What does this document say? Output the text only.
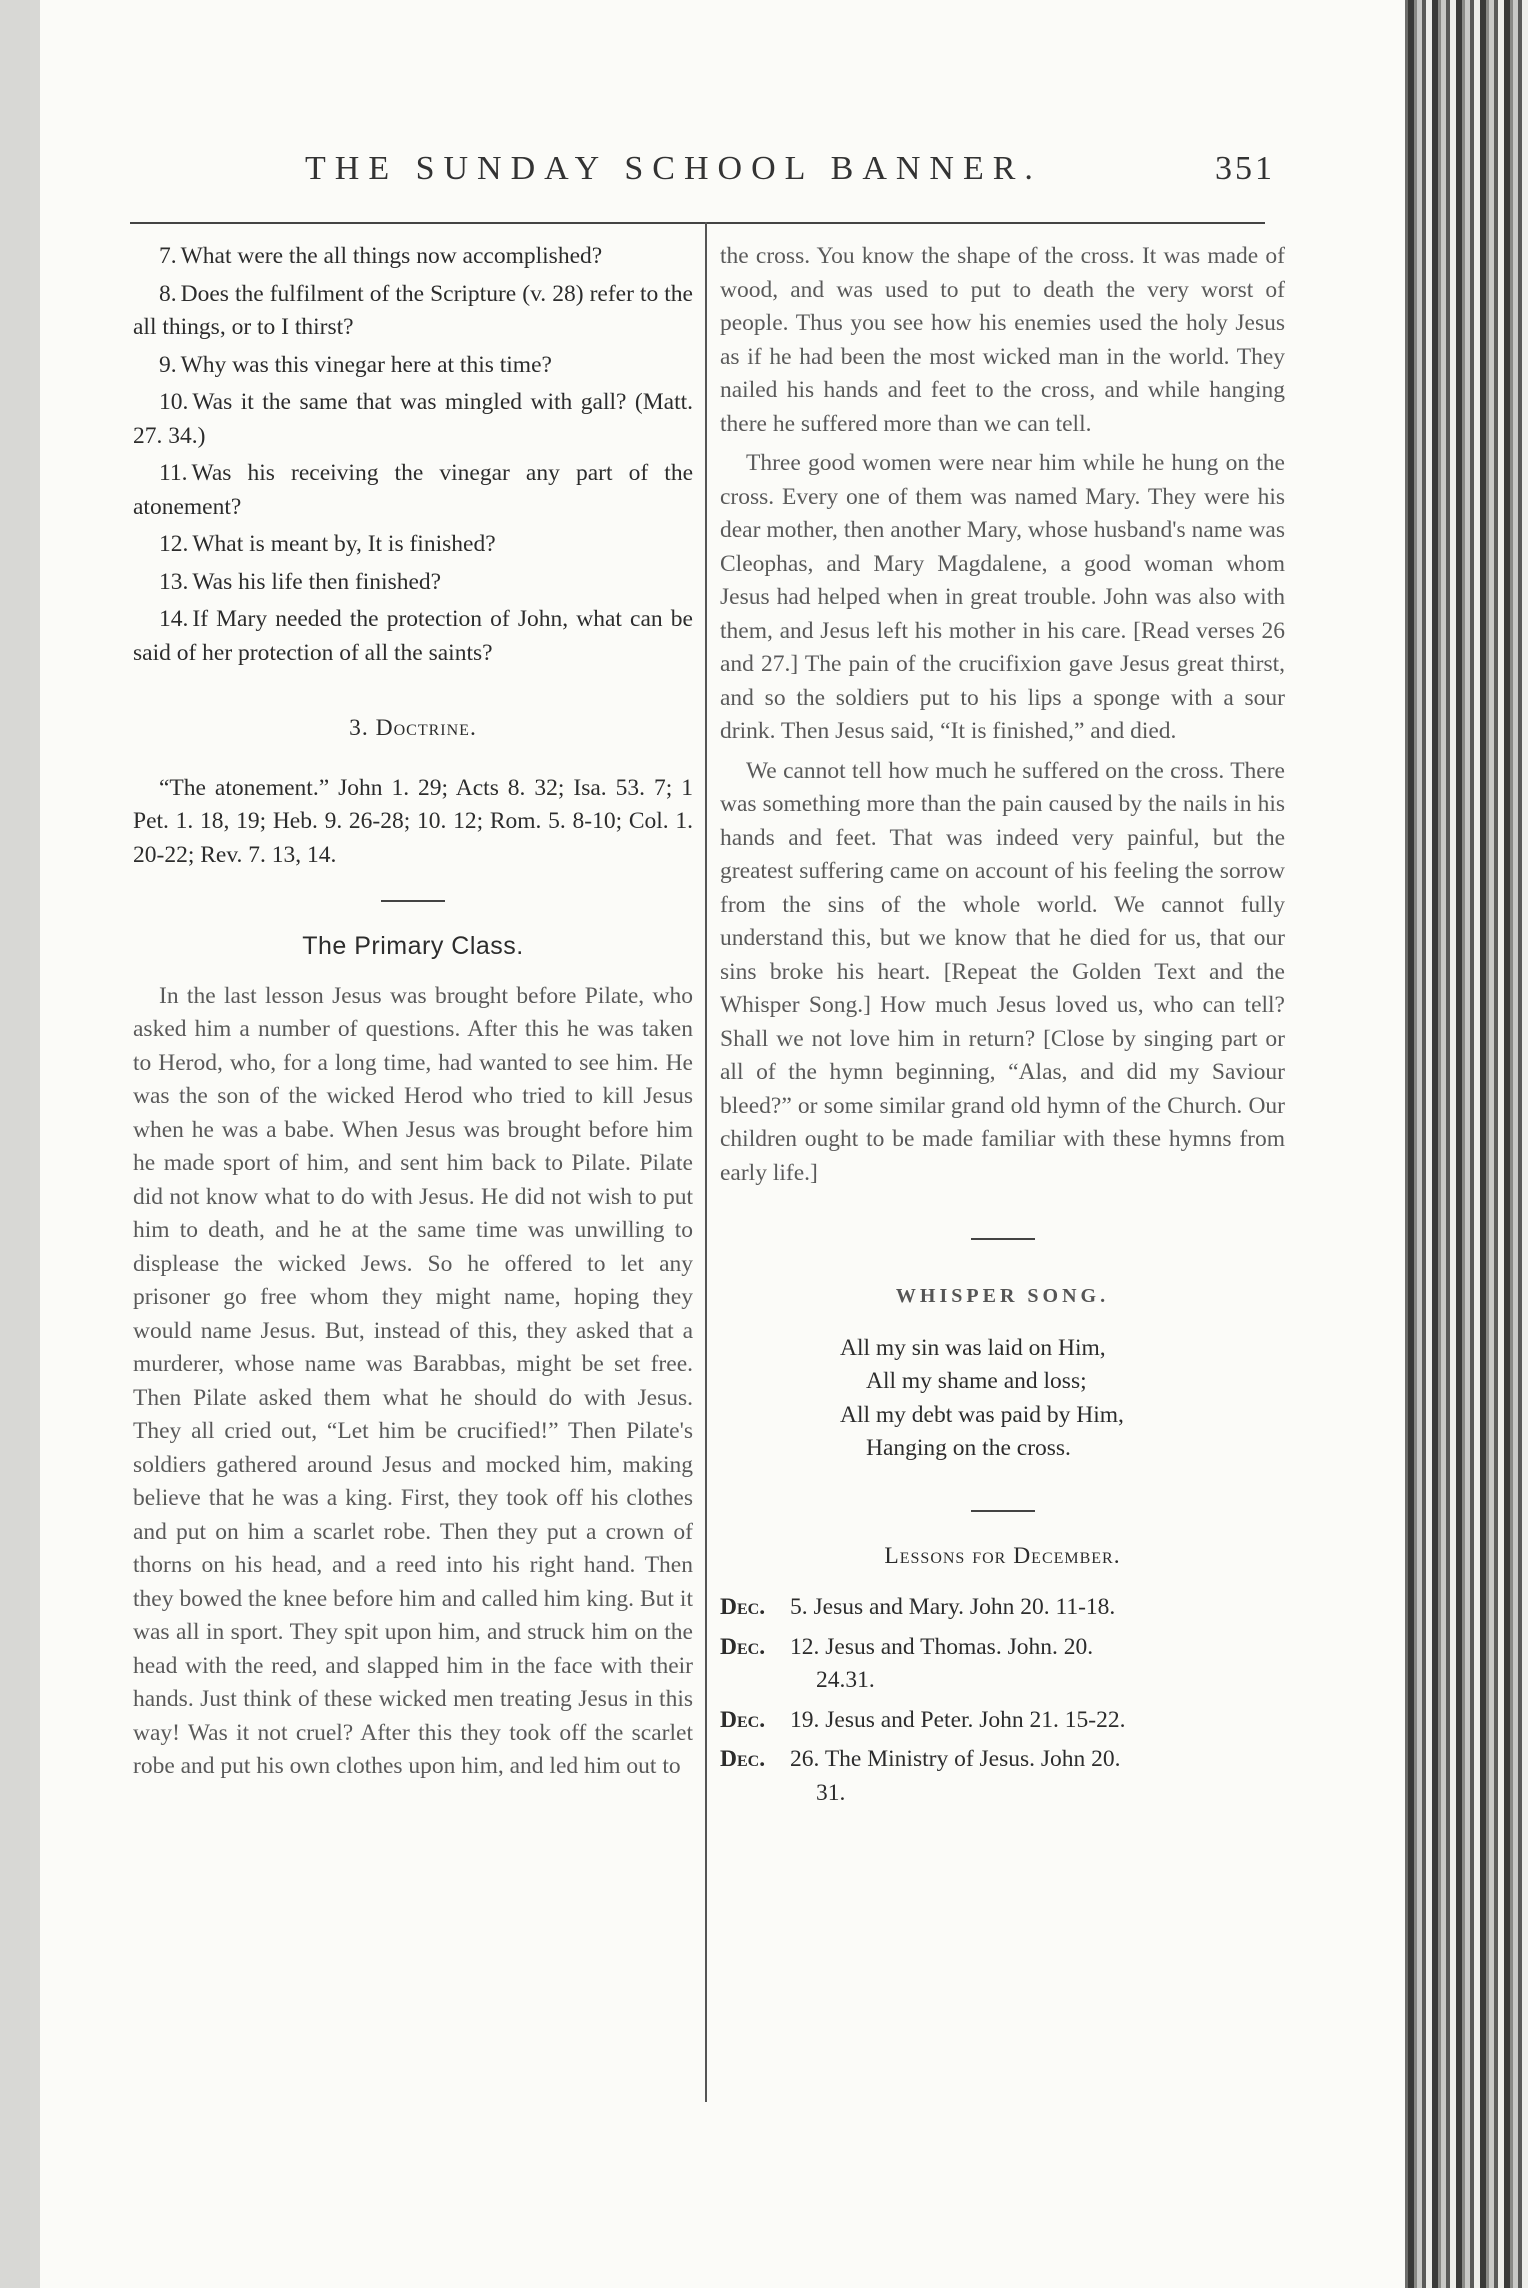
THE SUNDAY SCHOOL BANNER.	351
7. What were the all things now accomplished?
8. Does the fulfilment of the Scripture (v. 28) refer to the all things, or to I thirst?
9. Why was this vinegar here at this time?
10. Was it the same that was mingled with gall? (Matt. 27. 34.)
11. Was his receiving the vinegar any part of the atonement?
12. What is meant by, It is finished?
13. Was his life then finished?
14. If Mary needed the protection of John, what can be said of her protection of all the saints?
3. Doctrine.
“The atonement.” John 1. 29; Acts 8. 32; Isa. 53. 7; 1 Pet. 1. 18, 19; Heb. 9. 26-28; 10. 12; Rom. 5. 8-10; Col. 1. 20-22; Rev. 7. 13, 14.
The Primary Class.
In the last lesson Jesus was brought before Pilate, who asked him a number of questions. After this he was taken to Herod, who, for a long time, had wanted to see him. He was the son of the wicked Herod who tried to kill Jesus when he was a babe. When Jesus was brought before him he made sport of him, and sent him back to Pilate. Pilate did not know what to do with Jesus. He did not wish to put him to death, and he at the same time was unwilling to displease the wicked Jews. So he offered to let any prisoner go free whom they might name, hoping they would name Jesus. But, instead of this, they asked that a murderer, whose name was Barabbas, might be set free. Then Pilate asked them what he should do with Jesus. They all cried out, “Let him be crucified!” Then Pilate's soldiers gathered around Jesus and mocked him, making believe that he was a king. First, they took off his clothes and put on him a scarlet robe. Then they put a crown of thorns on his head, and a reed into his right hand. Then they bowed the knee before him and called him king. But it was all in sport. They spit upon him, and struck him on the head with the reed, and slapped him in the face with their hands. Just think of these wicked men treating Jesus in this way! Was it not cruel? After this they took off the scarlet robe and put his own clothes upon him, and led him out to
the cross. You know the shape of the cross. It was made of wood, and was used to put to death the very worst of people. Thus you see how his enemies used the holy Jesus as if he had been the most wicked man in the world. They nailed his hands and feet to the cross, and while hanging there he suffered more than we can tell.
Three good women were near him while he hung on the cross. Every one of them was named Mary. They were his dear mother, then another Mary, whose husband's name was Cleophas, and Mary Magdalene, a good woman whom Jesus had helped when in great trouble. John was also with them, and Jesus left his mother in his care. [Read verses 26 and 27.] The pain of the crucifixion gave Jesus great thirst, and so the soldiers put to his lips a sponge with a sour drink. Then Jesus said, “It is finished,” and died.
We cannot tell how much he suffered on the cross. There was something more than the pain caused by the nails in his hands and feet. That was indeed very painful, but the greatest suffering came on account of his feeling the sorrow from the sins of the whole world. We cannot fully understand this, but we know that he died for us, that our sins broke his heart. [Repeat the Golden Text and the Whisper Song.] How much Jesus loved us, who can tell? Shall we not love him in return? [Close by singing part or all of the hymn beginning, “Alas, and did my Saviour bleed?” or some similar grand old hymn of the Church. Our children ought to be made familiar with these hymns from early life.]
WHISPER SONG.
All my sin was laid on Him,
All my shame and loss;
All my debt was paid by Him,
Hanging on the cross.
Lessons for December.
Dec.	5. Jesus and Mary. John 20. 11-18.
Dec.	12. Jesus and Thomas. John. 20.
24.31.
Dec.	19. Jesus and Peter. John 21. 15-22.
Dec.	26. The Ministry of Jesus. John 20.
31.
